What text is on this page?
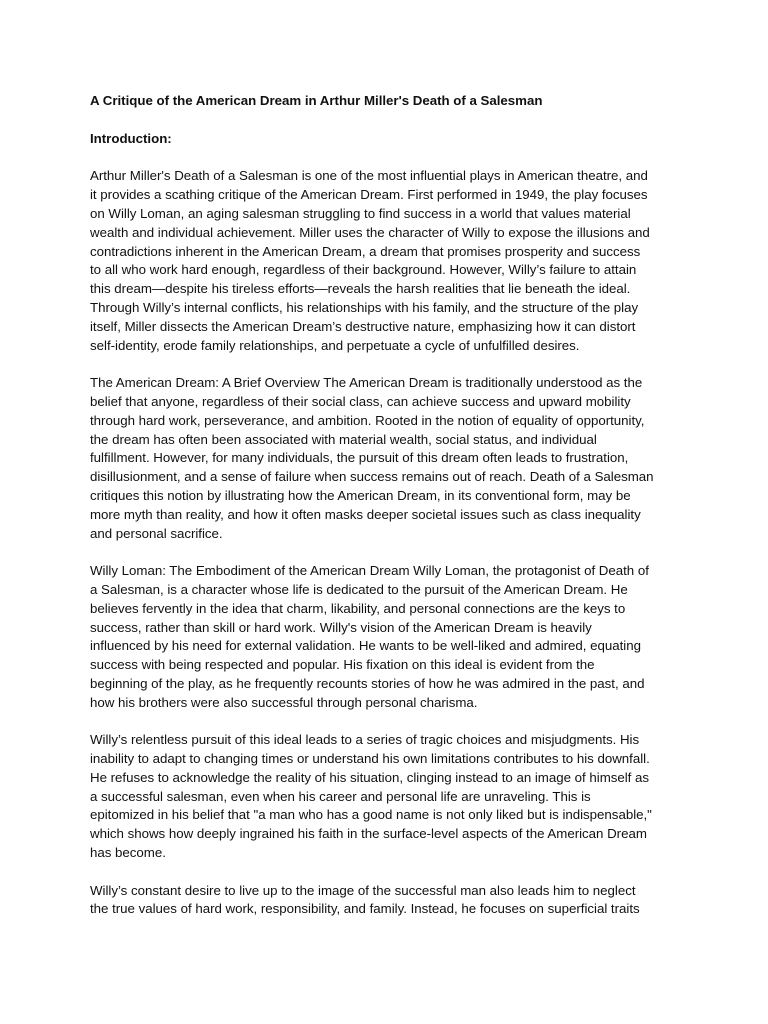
A Critique of the American Dream in Arthur Miller's Death of a Salesman

Introduction:

Arthur Miller's Death of a Salesman is one of the most influential plays in American theatre, and
it provides a scathing critique of the American Dream. First performed in 1949, the play focuses
on Willy Loman, an aging salesman struggling to find success in a world that values material
wealth and individual achievement. Miller uses the character of Willy to expose the illusions and
contradictions inherent in the American Dream, a dream that promises prosperity and success
to all who work hard enough, regardless of their background. However, Willy’s failure to attain
this dream—despite his tireless efforts—reveals the harsh realities that lie beneath the ideal.
Through Willy’s internal conflicts, his relationships with his family, and the structure of the play
itself, Miller dissects the American Dream’s destructive nature, emphasizing how it can distort
self-identity, erode family relationships, and perpetuate a cycle of unfulfilled desires.

The American Dream: A Brief Overview The American Dream is traditionally understood as the
belief that anyone, regardless of their social class, can achieve success and upward mobility
through hard work, perseverance, and ambition. Rooted in the notion of equality of opportunity,
the dream has often been associated with material wealth, social status, and individual
fulfillment. However, for many individuals, the pursuit of this dream often leads to frustration,
disillusionment, and a sense of failure when success remains out of reach. Death of a Salesman
critiques this notion by illustrating how the American Dream, in its conventional form, may be
more myth than reality, and how it often masks deeper societal issues such as class inequality
and personal sacrifice.

Willy Loman: The Embodiment of the American Dream Willy Loman, the protagonist of Death of
a Salesman, is a character whose life is dedicated to the pursuit of the American Dream. He
believes fervently in the idea that charm, likability, and personal connections are the keys to
success, rather than skill or hard work. Willy's vision of the American Dream is heavily
influenced by his need for external validation. He wants to be well-liked and admired, equating
success with being respected and popular. His fixation on this ideal is evident from the
beginning of the play, as he frequently recounts stories of how he was admired in the past, and
how his brothers were also successful through personal charisma.

Willy’s relentless pursuit of this ideal leads to a series of tragic choices and misjudgments. His
inability to adapt to changing times or understand his own limitations contributes to his downfall.
He refuses to acknowledge the reality of his situation, clinging instead to an image of himself as
a successful salesman, even when his career and personal life are unraveling. This is
epitomized in his belief that "a man who has a good name is not only liked but is indispensable,"
which shows how deeply ingrained his faith in the surface-level aspects of the American Dream
has become.

Willy’s constant desire to live up to the image of the successful man also leads him to neglect
the true values of hard work, responsibility, and family. Instead, he focuses on superficial traits
